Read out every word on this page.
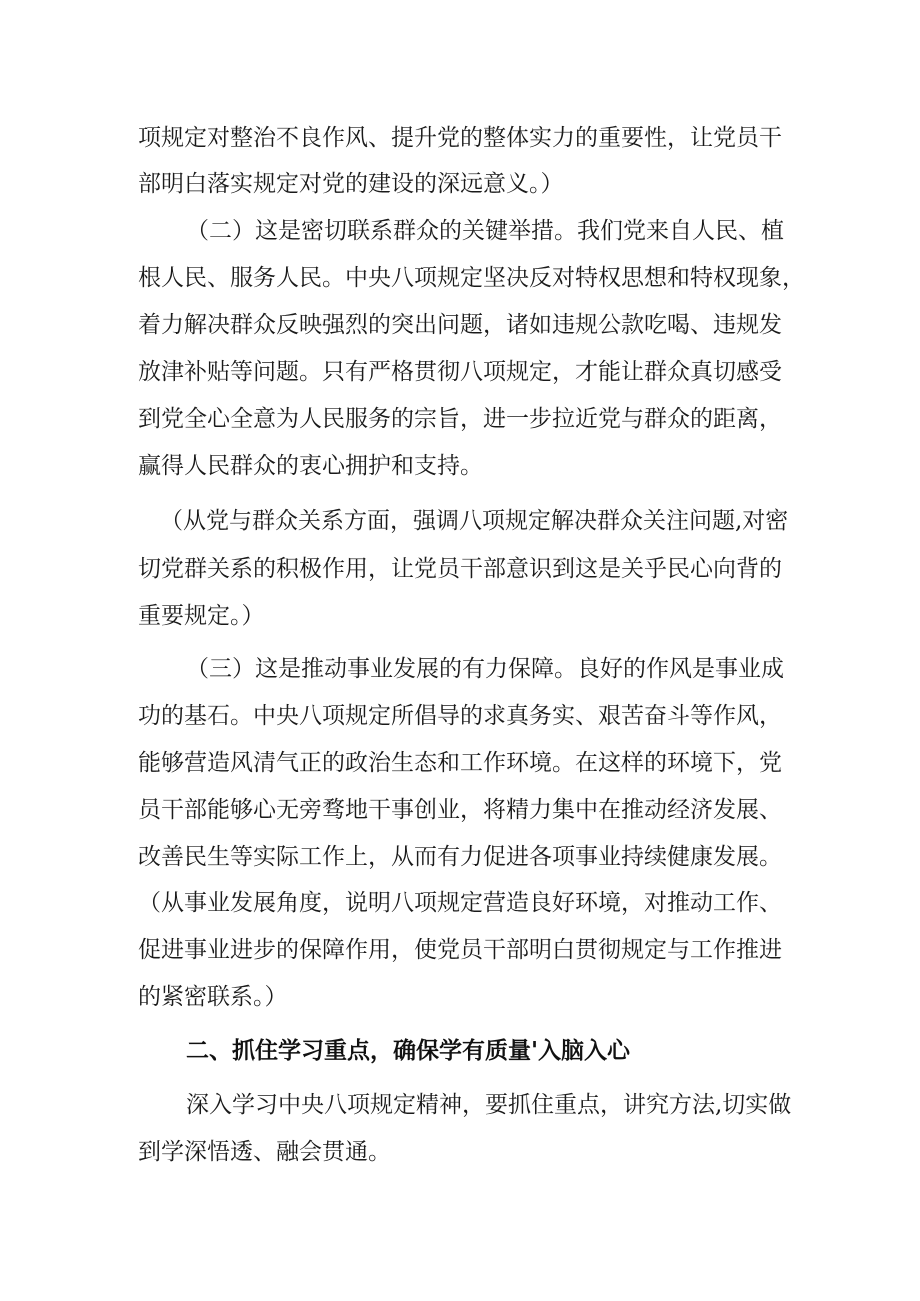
项规定对整治不良作风、提升党的整体实力的重要性，让党员干
部明白落实规定对党的建设的深远意义。）
（二）这是密切联系群众的关键举措。我们党来自人民、植
根人民、服务人民。中央八项规定坚决反对特权思想和特权现象，
着力解决群众反映强烈的突出问题，诸如违规公款吃喝、违规发
放津补贴等问题。只有严格贯彻八项规定，才能让群众真切感受
到党全心全意为人民服务的宗旨，进一步拉近党与群众的距离，
赢得人民群众的衷心拥护和支持。
（从党与群众关系方面，强调八项规定解决群众关注问题,对密
切党群关系的积极作用，让党员干部意识到这是关乎民心向背的
重要规定。）
（三）这是推动事业发展的有力保障。良好的作风是事业成
功的基石。中央八项规定所倡导的求真务实、艰苦奋斗等作风，
能够营造风清气正的政治生态和工作环境。在这样的环境下，党
员干部能够心无旁骛地干事创业，将精力集中在推动经济发展、
改善民生等实际工作上，从而有力促进各项事业持续健康发展。
（从事业发展角度，说明八项规定营造良好环境，对推动工作、
促进事业进步的保障作用，使党员干部明白贯彻规定与工作推进
的紧密联系。）
二、抓住学习重点，确保学有质量'入脑入心
深入学习中央八项规定精神，要抓住重点，讲究方法,切实做
到学深悟透、融会贯通。
